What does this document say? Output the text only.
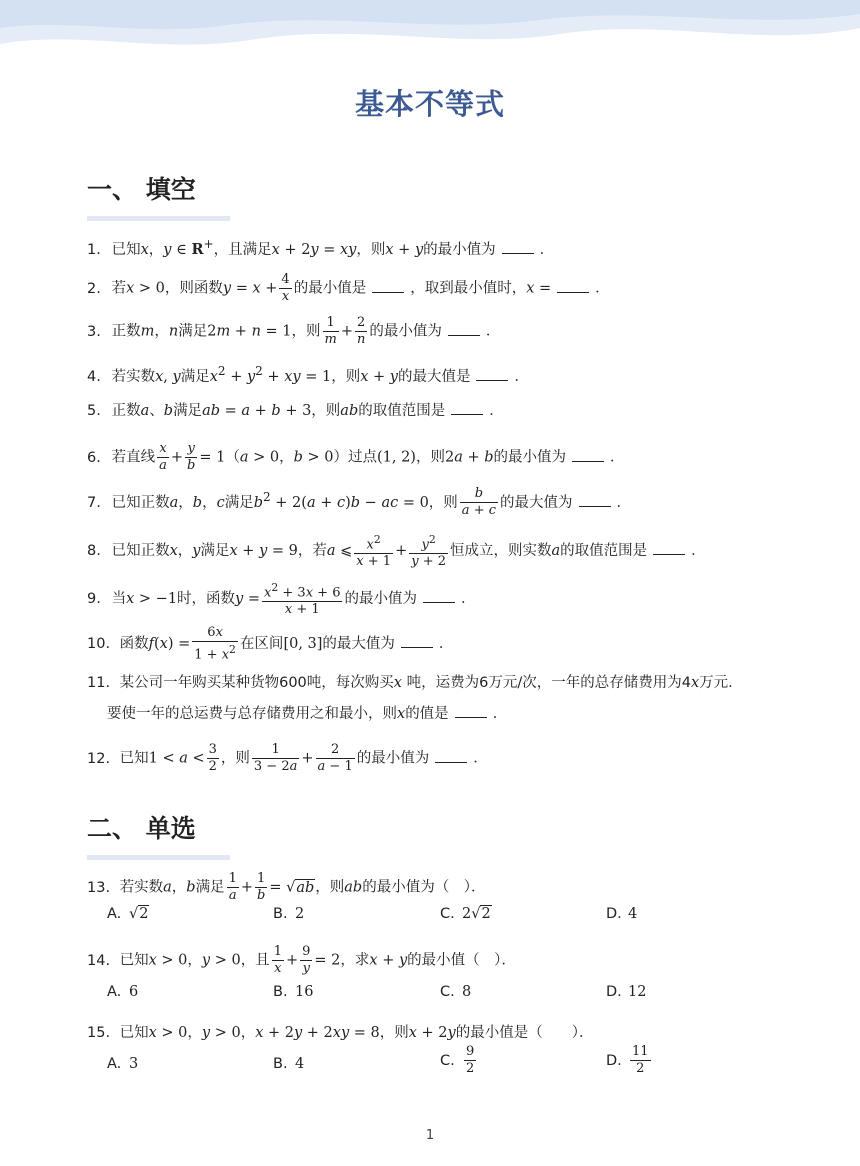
基本不等式
一、 填空
1. 已知x，y ∈ R+，且满足x + 2y = xy，则x + y的最小值为	．
2. 若x > 0，则函数$y = x + \frac{4}{x}$ 的最小值是	，取到最小值时，x =	．
3. 正数m，n满足2m + n = 1，则 $\frac{1}{m} + \frac{2}{n}$ 的最小值为	．
4. 若实数x, y满足$x^2 + y^2$ + xy = 1，则x + y的最大值是	．
5. 正数a、b满足ab = a + b + 3，则ab的取值范围是	．
6. 若直线 $\frac{x}{a} + \frac{y}{b} = 1(a > 0$，b > 0）过点(1, 2)，则2a + b的最小值为	．
7. 已知正数a，b，c满足$b^2 + 2(a + c)b$ − ac = 0，则 $\frac{b}{a + c}$ 的最大值为	．
8. 已知正数x，y满足x + y = 9，若a ⩽ $\frac{x^2}{x + 1} + \frac{y^2}{y + 2}$ 恒成立，则实数a的取值范围是	．
9. 当x > −1时，函数$y = \frac{x^2 + 3x + 6}{x + 1}$ 的最小值为	．
10. 函数$f(x) = \frac{6x}{1 + x^2}$ 在区间[0, 3]的最大值为	．
11. 某公司一年购买某种货物600吨，每次购买x 吨，运费为6万元/次，一年的总存储费用为4x万元．
要使一年的总运费与总存储费用之和最小，则x的值是	．
12. 已知$1 < a < \frac{3}{2}$ ，则 $\frac{1}{3 - 2a} + \frac{2}{a - 1}$ 的最小值为	．
二、 单选
13. 若实数a，b满足 $\frac{1}{a} + \frac{1}{b} = √ab$，则ab的最小值为（　）．
A. √2	B. 2	C. 2√2	D. 4
14. 已知x > 0，y > 0，且 $\frac{1}{x} + \frac{9}{y} = 2$，求x + y的最小值（　）．
A. 6	B. 16	C. 8	D. 12
15. 已知x > 0，y > 0，x + 2y + 2xy = 8，则x + 2y的最小值是（　　）．
A. 3	B. 4	C. $\frac{9}{2}$	D. $\frac{11}{2}$
1
